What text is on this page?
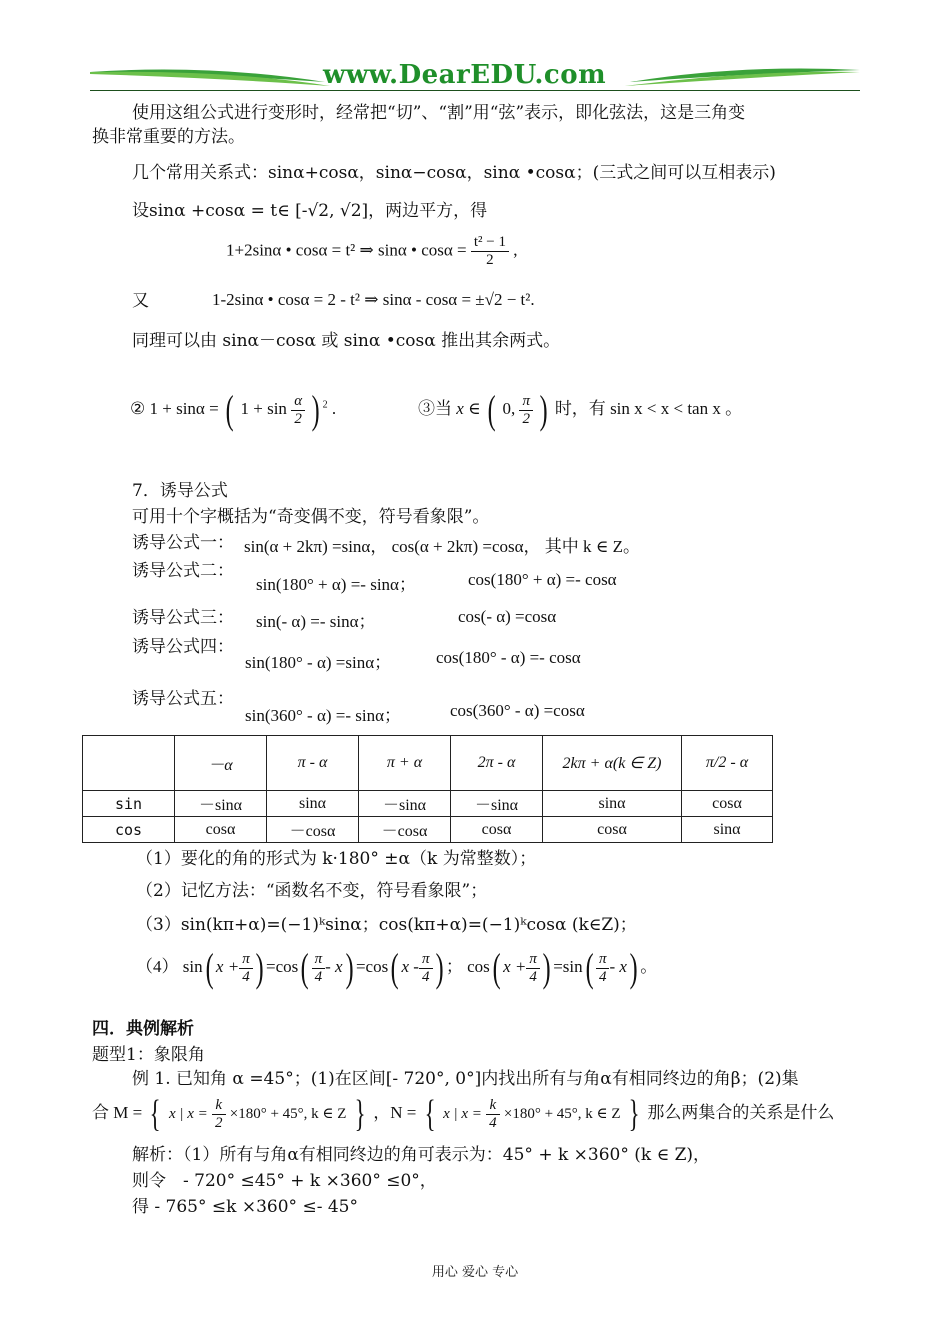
www.DearEDU.com
使用这组公式进行变形时，经常把“切”、“割”用“弦”表示，即化弦法，这是三角变
换非常重要的方法。
几个常用关系式：sinα+cosα，sinα−cosα，sinα •cosα；(三式之间可以互相表示)
设sinα +cosα = t∈ [-√2, √2]，两边平方，得
1+2sinα • cosα = t² ⇒ sinα • $\cos\alpha = \frac{\text{t² − 1}}{2}$ ,
又	1-2sinα • cosα = 2 - t² ⇒ sinα - cosα = ±√2 − t².
同理可以由 sinα－cosα 或 sinα •cosα 推出其余两式。
② 1 + sinα = ( $1 + \sin \frac{\alpha}{2}$ ) $^2$ .	③当 x ∈ ( 0, $\frac{\pi}{2}$ ) 时，有 sin x < x < tan x 。
7．诱导公式
可用十个字概括为“奇变偶不变，符号看象限”。
诱导公式一： sin(α + 2kπ) =sinα， cos(α + 2kπ) =cosα， 其中 k ∈ Z。
诱导公式二：
sin(180° + α) =- sinα；	cos(180° + α) =- cosα
诱导公式三： sin(- α) =- sinα；	cos(- α) =cosα
诱导公式四：
sin(180° - α) =sinα；	cos(180° - α) =- cosα
诱导公式五：
sin(360° - α) =- sinα；	cos(360° - α) =cosα
	－α	π - α	π + α	2π - α	2kπ + α(k ∈ Z)	π/2 - α
sin	－sinα	sinα	－sinα	－sinα	sinα	cosα
cos	cosα	－cosα	－cosα	cosα	cosα	sinα
（1）要化的角的形式为 k·180° ±α（k 为常整数）；
（2）记忆方法：“函数名不变，符号看象限”；
（3）sin(kπ+α)=(−1)ᵏsinα；cos(kπ+α)=(−1)ᵏcosα (k∈Z)；
（4） sin( $x + \frac{\pi}{4}$ ) $=\cos( \frac{\pi}{4} - x) =\cos$( x - $\frac{\pi}{4}$ ) ； cos( $x + \frac{\pi}{4}$ ) $=\sin( \frac{\pi}{4} - x)$ 。
四．典例解析
题型1：象限角
例 1. 已知角 α =45°；(1)在区间[- 720°, 0°]内找出所有与角α有相同终边的角β；(2)集
合 M = { x | $x = \frac{k}{2} \times 180^\circ + 45^\circ$, k ∈ Z } ，N = { x | $x = \frac{k}{4} \times 180^\circ + 45^\circ$, k ∈ Z } 那么两集合的关系是什么
解析：（1）所有与角α有相同终边的角可表示为：45° + k ×360° (k ∈ Z)，
则令　- 720° ≤45° + k ×360° ≤0°，
得 - 765° ≤k ×360° ≤- 45°
用心 爱心 专心
